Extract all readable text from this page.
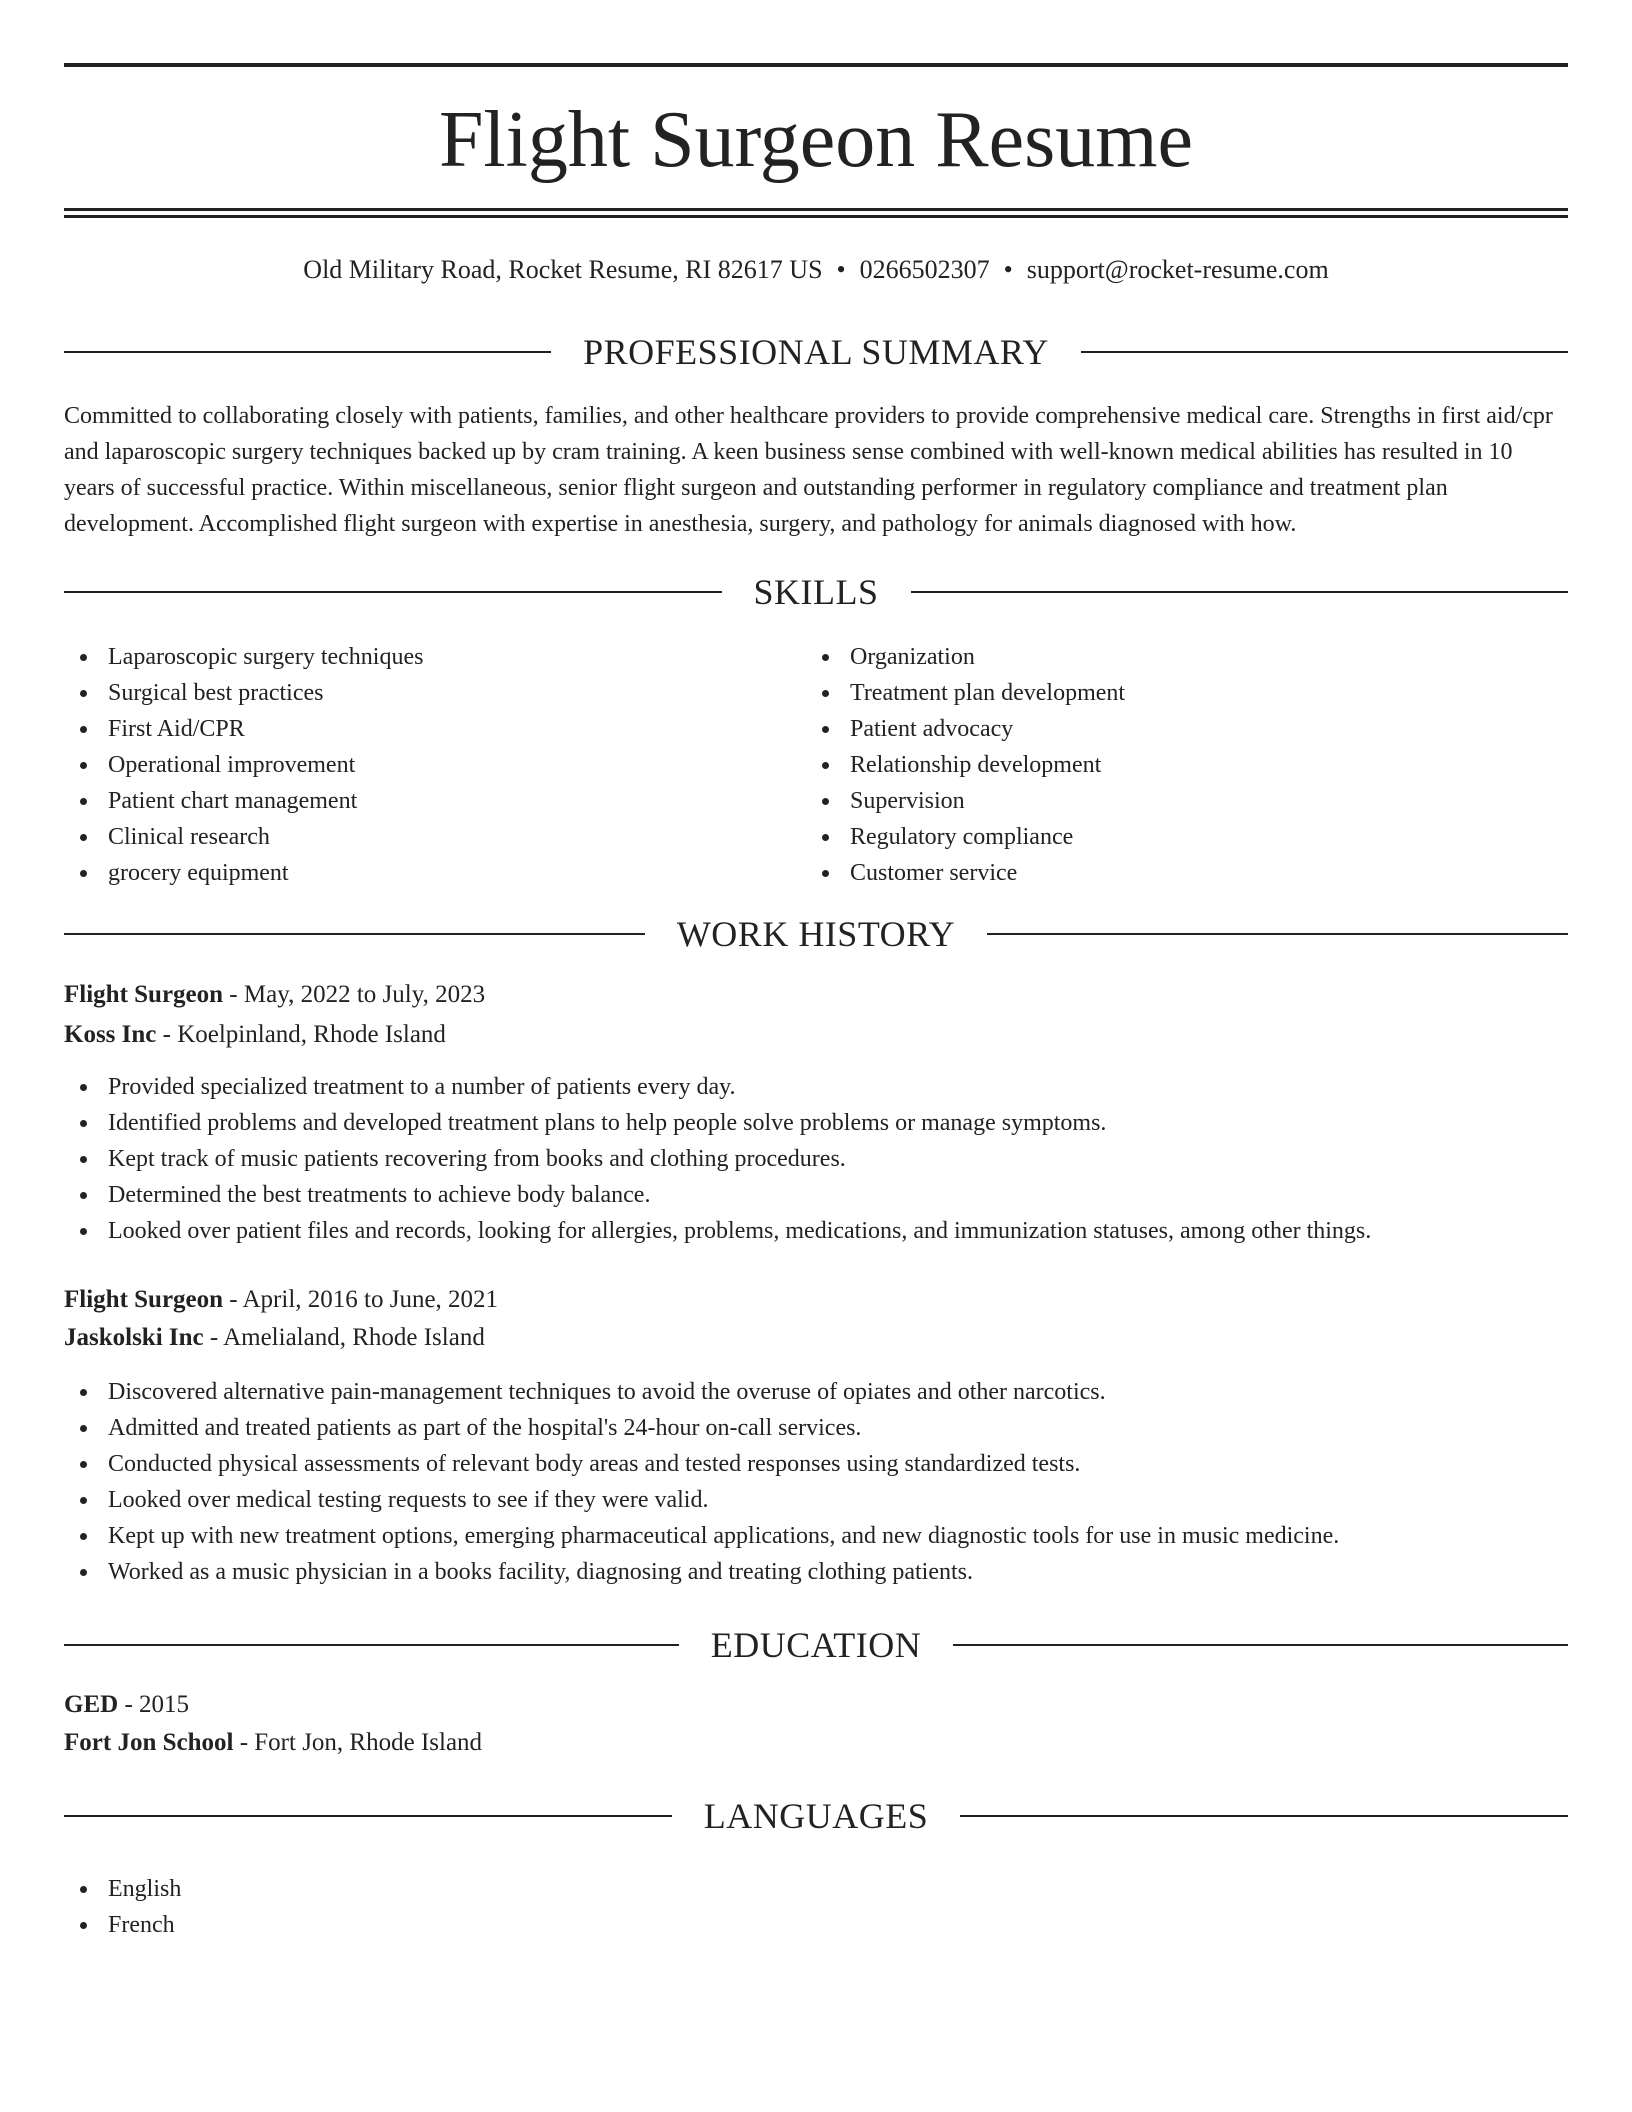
Flight Surgeon Resume
Old Military Road, Rocket Resume, RI 82617 US • 0266502307 • support@rocket-resume.com
PROFESSIONAL SUMMARY

Committed to collaborating closely with patients, families, and other healthcare providers to provide comprehensive medical care. Strengths in first aid/cpr and laparoscopic surgery techniques backed up by cram training. A keen business sense combined with well-known medical abilities has resulted in 10 years of successful practice. Within miscellaneous, senior flight surgeon and outstanding performer in regulatory compliance and treatment plan development. Accomplished flight surgeon with expertise in anesthesia, surgery, and pathology for animals diagnosed with how.

SKILLS
Laparoscopic surgery techniques
Surgical best practices
First Aid/CPR
Operational improvement
Patient chart management
Clinical research
grocery equipment
Organization
Treatment plan development
Patient advocacy
Relationship development
Supervision
Regulatory compliance
Customer service
WORK HISTORY
Flight Surgeon - May, 2022 to July, 2023
Koss Inc - Koelpinland, Rhode Island
Provided specialized treatment to a number of patients every day.
Identified problems and developed treatment plans to help people solve problems or manage symptoms.
Kept track of music patients recovering from books and clothing procedures.
Determined the best treatments to achieve body balance.
Looked over patient files and records, looking for allergies, problems, medications, and immunization statuses, among other things.
Flight Surgeon - April, 2016 to June, 2021
Jaskolski Inc - Amelialand, Rhode Island
Discovered alternative pain-management techniques to avoid the overuse of opiates and other narcotics.
Admitted and treated patients as part of the hospital's 24-hour on-call services.
Conducted physical assessments of relevant body areas and tested responses using standardized tests.
Looked over medical testing requests to see if they were valid.
Kept up with new treatment options, emerging pharmaceutical applications, and new diagnostic tools for use in music medicine.
Worked as a music physician in a books facility, diagnosing and treating clothing patients.
EDUCATION
GED - 2015
Fort Jon School - Fort Jon, Rhode Island
LANGUAGES
English
French
